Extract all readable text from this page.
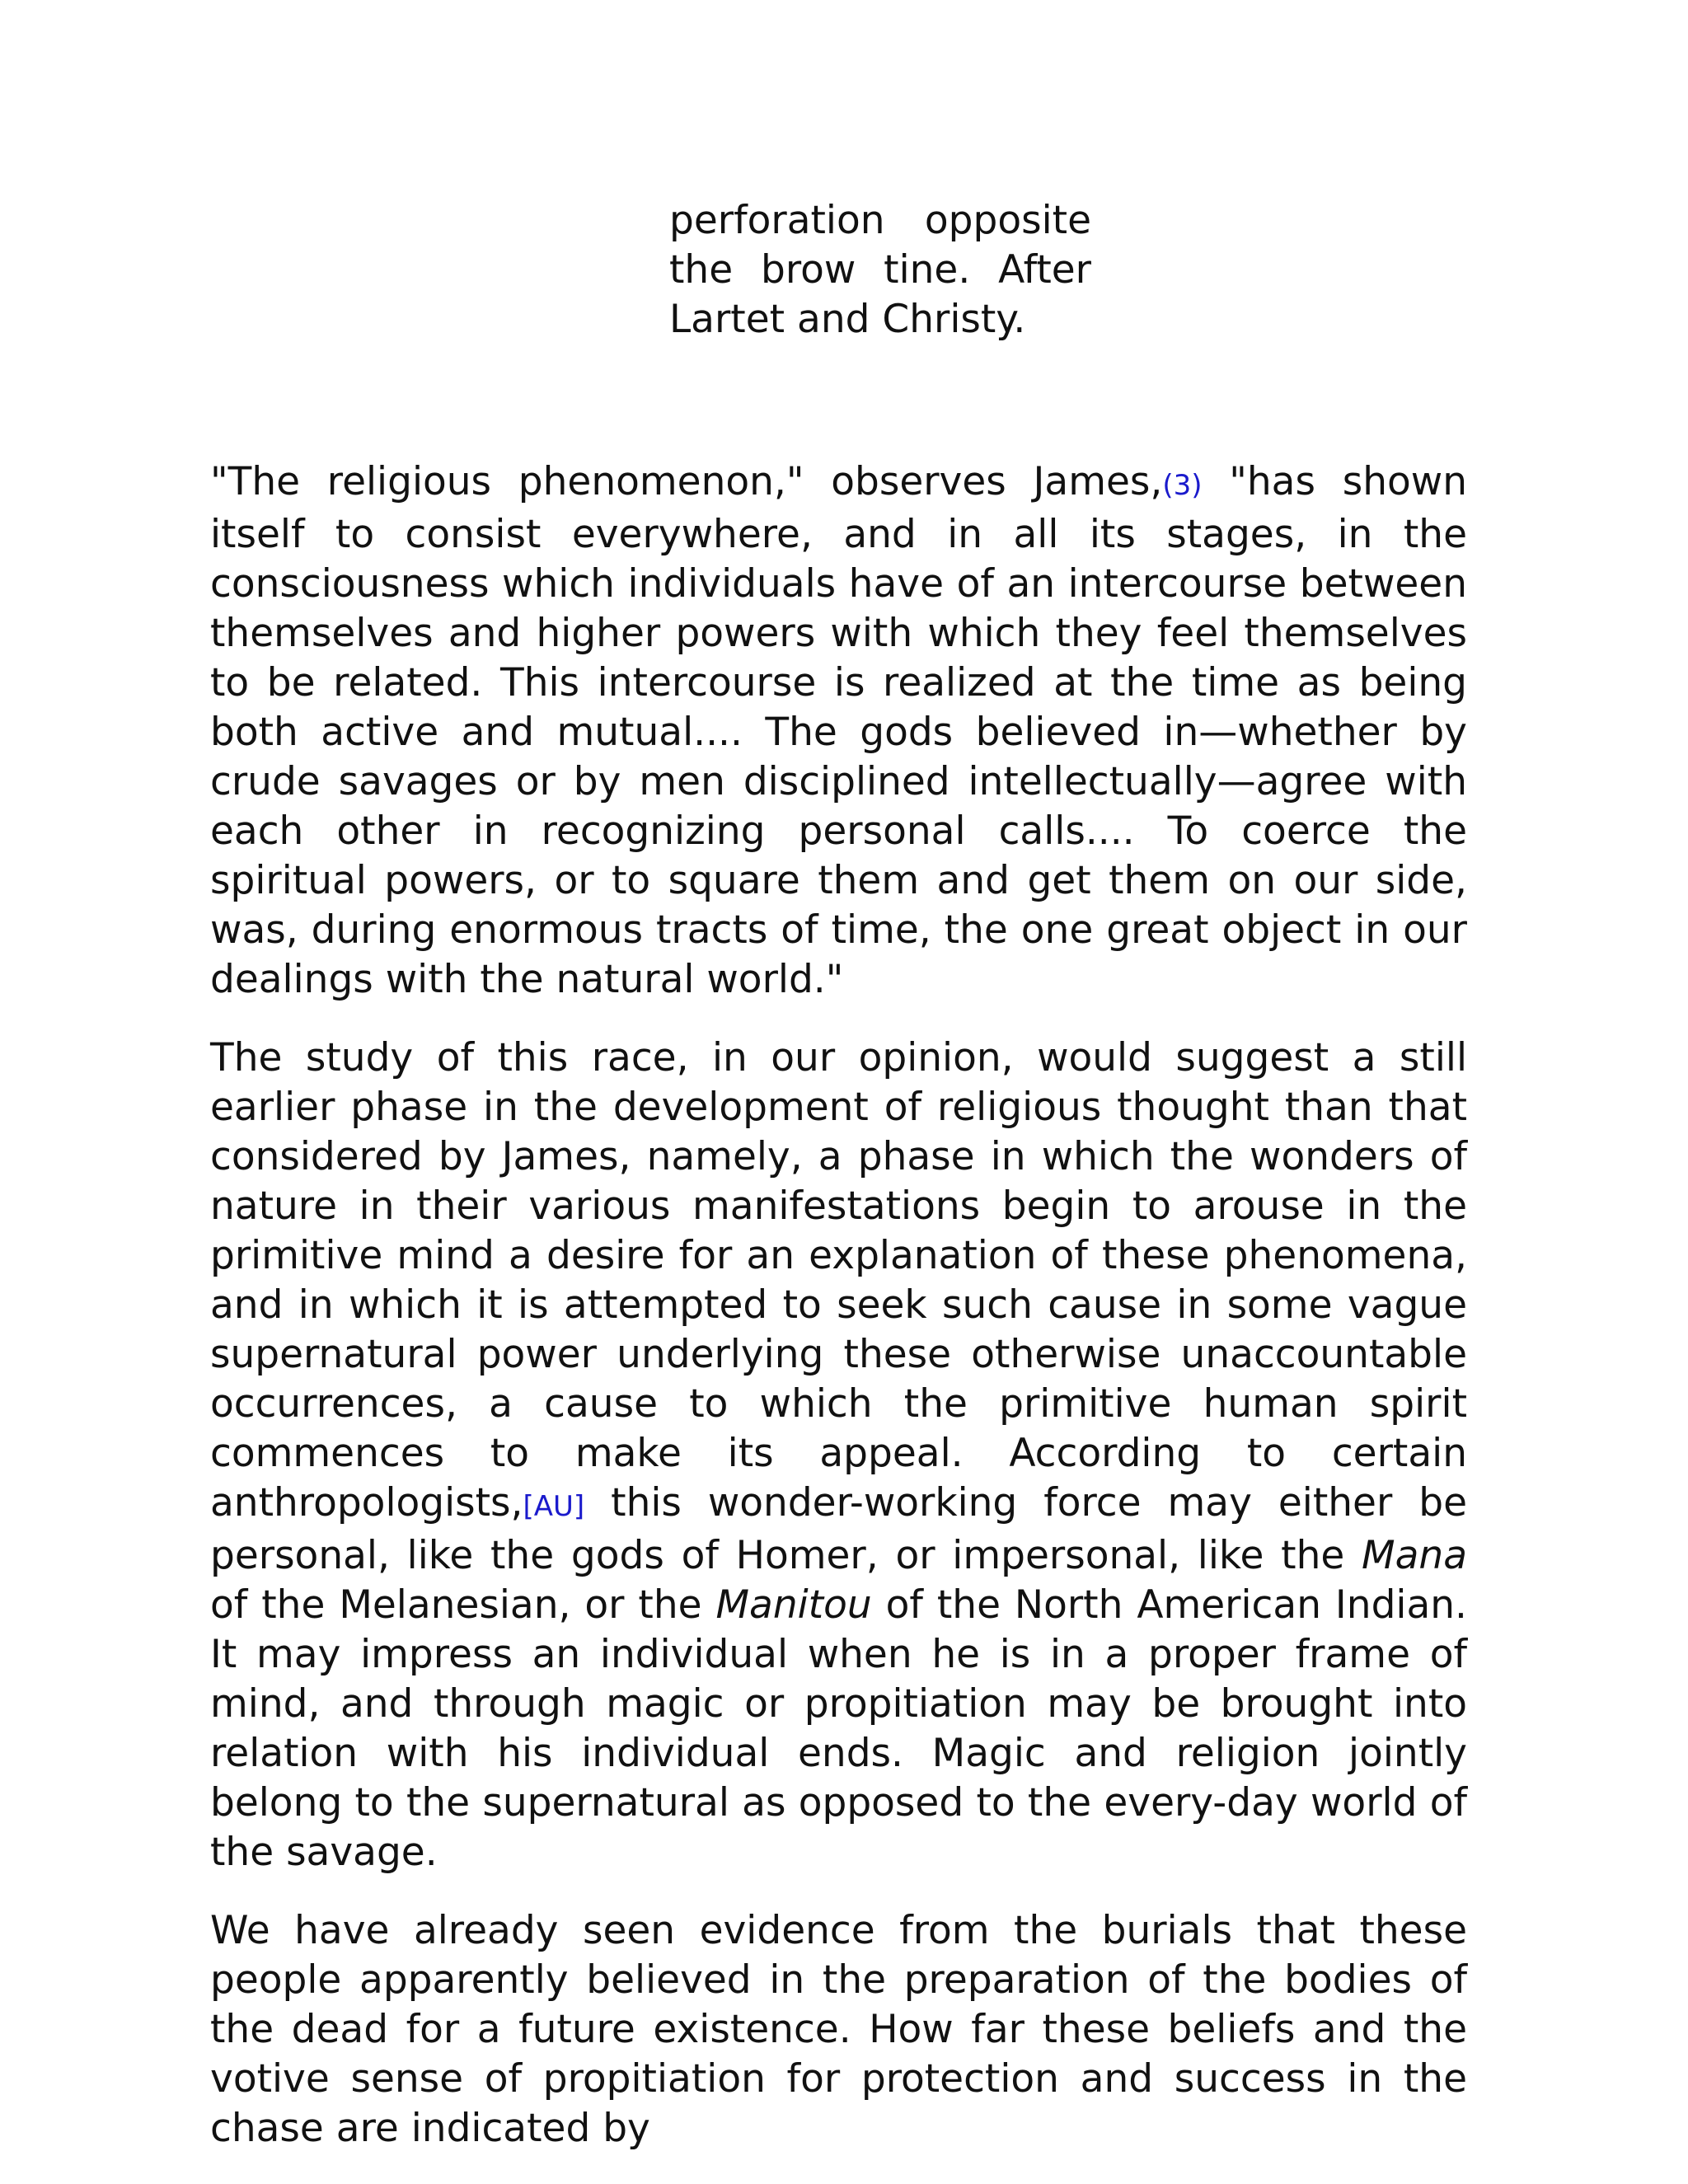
perforation opposite the brow tine. After Lartet and Christy.

"The religious phenomenon," observes James,(3) "has shown itself to consist everywhere, and in all its stages, in the consciousness which individuals have of an intercourse between themselves and higher powers with which they feel themselves to be related. This intercourse is realized at the time as being both active and mutual.... The gods believed in—whether by crude savages or by men disciplined intellectually—agree with each other in recognizing personal calls.... To coerce the spiritual powers, or to square them and get them on our side, was, during enormous tracts of time, the one great object in our dealings with the natural world."

The study of this race, in our opinion, would suggest a still earlier phase in the development of religious thought than that considered by James, namely, a phase in which the wonders of nature in their various manifestations begin to arouse in the primitive mind a desire for an explanation of these phenomena, and in which it is attempted to seek such cause in some vague supernatural power underlying these otherwise unaccountable occurrences, a cause to which the primitive human spirit commences to make its appeal. According to certain anthropologists,[AU] this wonder-working force may either be personal, like the gods of Homer, or impersonal, like the Mana of the Melanesian, or the Manitou of the North American Indian. It may impress an individual when he is in a proper frame of mind, and through magic or propitiation may be brought into relation with his individual ends. Magic and religion jointly belong to the supernatural as opposed to the every-day world of the savage.

We have already seen evidence from the burials that these people apparently believed in the preparation of the bodies of the dead for a future existence. How far these beliefs and the votive sense of propitiation for protection and success in the chase are indicated by
